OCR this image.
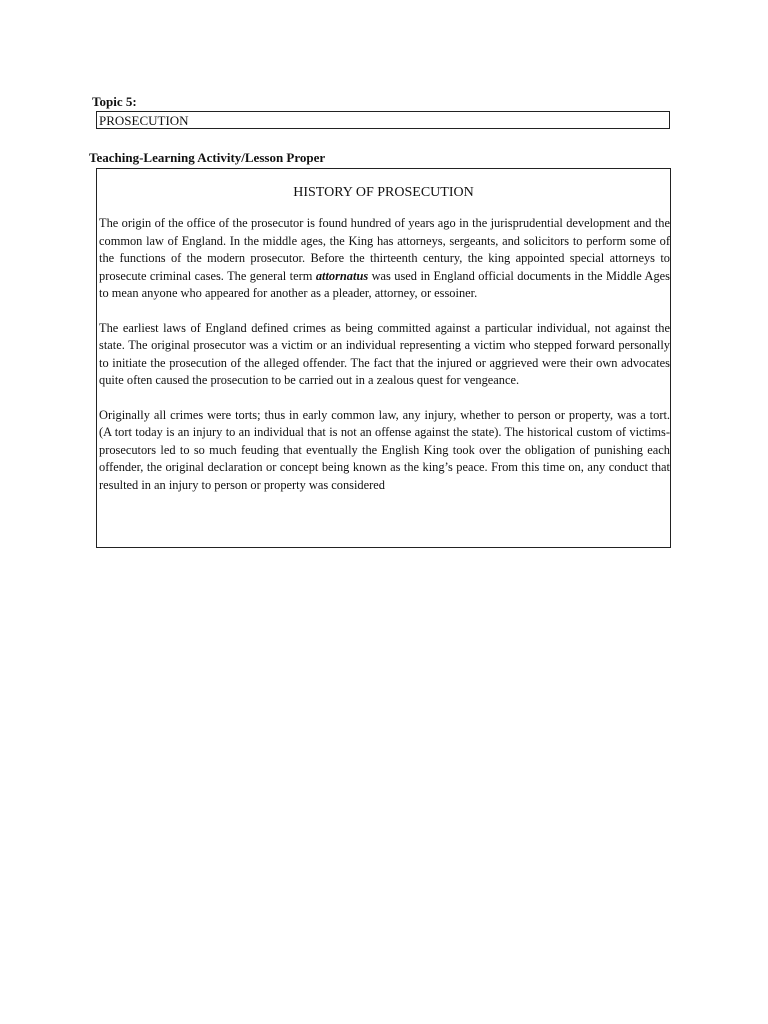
Topic 5:

PROSECUTION

Teaching-Learning Activity/Lesson Proper

HISTORY OF PROSECUTION

The origin of the office of the prosecutor is found hundred of years ago in the jurisprudential development and the common law of England. In the middle ages, the King has attorneys, sergeants, and solicitors to perform some of the functions of the modern prosecutor. Before the thirteenth century, the king appointed special attorneys to prosecute criminal cases. The general term attornatus was used in England official documents in the Middle Ages to mean anyone who appeared for another as a pleader, attorney, or essoiner.

The earliest laws of England defined crimes as being committed against a particular individual, not against the state. The original prosecutor was a victim or an individual representing a victim who stepped forward personally to initiate the prosecution of the alleged offender. The fact that the injured or aggrieved were their own advocates quite often caused the prosecution to be carried out in a zealous quest for vengeance.

Originally all crimes were torts; thus in early common law, any injury, whether to person or property, was a tort. (A tort today is an injury to an individual that is not an offense against the state). The historical custom of victims-prosecutors led to so much feuding that eventually the English King took over the obligation of punishing each offender, the original declaration or concept being known as the king’s peace. From this time on, any conduct that resulted in an injury to person or property was considered
